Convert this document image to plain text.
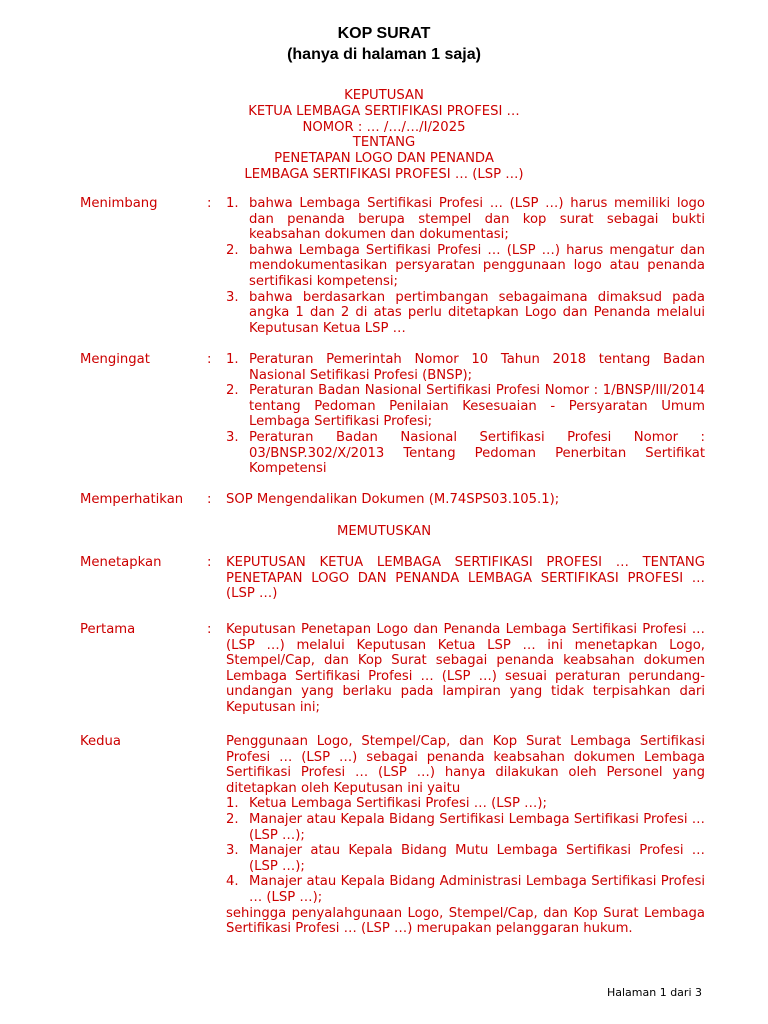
KOP SURAT
(hanya di halaman 1 saja)
KEPUTUSAN
KETUA LEMBAGA SERTIFIKASI PROFESI …
NOMOR : … /…/…/I/2025
TENTANG
PENETAPAN LOGO DAN PENANDA
LEMBAGA SERTIFIKASI PROFESI … (LSP …)
Menimbang	: 1. bahwa Lembaga Sertifikasi Profesi … (LSP …) harus memiliki logo dan penanda berupa stempel dan kop surat sebagai bukti keabsahan dokumen dan dokumentasi;
2. bahwa Lembaga Sertifikasi Profesi … (LSP …) harus mengatur dan mendokumentasikan persyaratan penggunaan logo atau penanda sertifikasi kompetensi;
3. bahwa berdasarkan pertimbangan sebagaimana dimaksud pada angka 1 dan 2 di atas perlu ditetapkan Logo dan Penanda melalui Keputusan Ketua LSP …
Mengingat	: 1. Peraturan Pemerintah Nomor 10 Tahun 2018 tentang Badan Nasional Setifikasi Profesi (BNSP);
2. Peraturan Badan Nasional Sertifikasi Profesi Nomor : 1/BNSP/III/2014 tentang Pedoman Penilaian Kesesuaian - Persyaratan Umum Lembaga Sertifikasi Profesi;
3. Peraturan Badan Nasional Sertifikasi Profesi Nomor : 03/BNSP.302/X/2013 Tentang Pedoman Penerbitan Sertifikat Kompetensi
Memperhatikan : SOP Mengendalikan Dokumen (M.74SPS03.105.1);

MEMUTUSKAN
Menetapkan	: KEPUTUSAN KETUA LEMBAGA SERTIFIKASI PROFESI … TENTANG PENETAPAN LOGO DAN PENANDA LEMBAGA SERTIFIKASI PROFESI … (LSP …)

Pertama	: Keputusan Penetapan Logo dan Penanda Lembaga Sertifikasi Profesi … (LSP …) melalui Keputusan Ketua LSP … ini menetapkan Logo, Stempel/Cap, dan Kop Surat sebagai penanda keabsahan dokumen Lembaga Sertifikasi Profesi … (LSP …) sesuai peraturan perundang-undangan yang berlaku pada lampiran yang tidak terpisahkan dari Keputusan ini;

Kedua	Penggunaan Logo, Stempel/Cap, dan Kop Surat Lembaga Sertifikasi Profesi … (LSP …) sebagai penanda keabsahan dokumen Lembaga Sertifikasi Profesi … (LSP …) hanya dilakukan oleh Personel yang ditetapkan oleh Keputusan ini yaitu

1. Ketua Lembaga Sertifikasi Profesi … (LSP …);
2. Manajer atau Kepala Bidang Sertifikasi Lembaga Sertifikasi Profesi … (LSP …);
3. Manajer atau Kepala Bidang Mutu Lembaga Sertifikasi Profesi … (LSP …);
4. Manajer atau Kepala Bidang Administrasi Lembaga Sertifikasi Profesi … (LSP …);

sehingga penyalahgunaan Logo, Stempel/Cap, dan Kop Surat Lembaga Sertifikasi Profesi … (LSP …) merupakan pelanggaran hukum.

Halaman 1 dari 3
